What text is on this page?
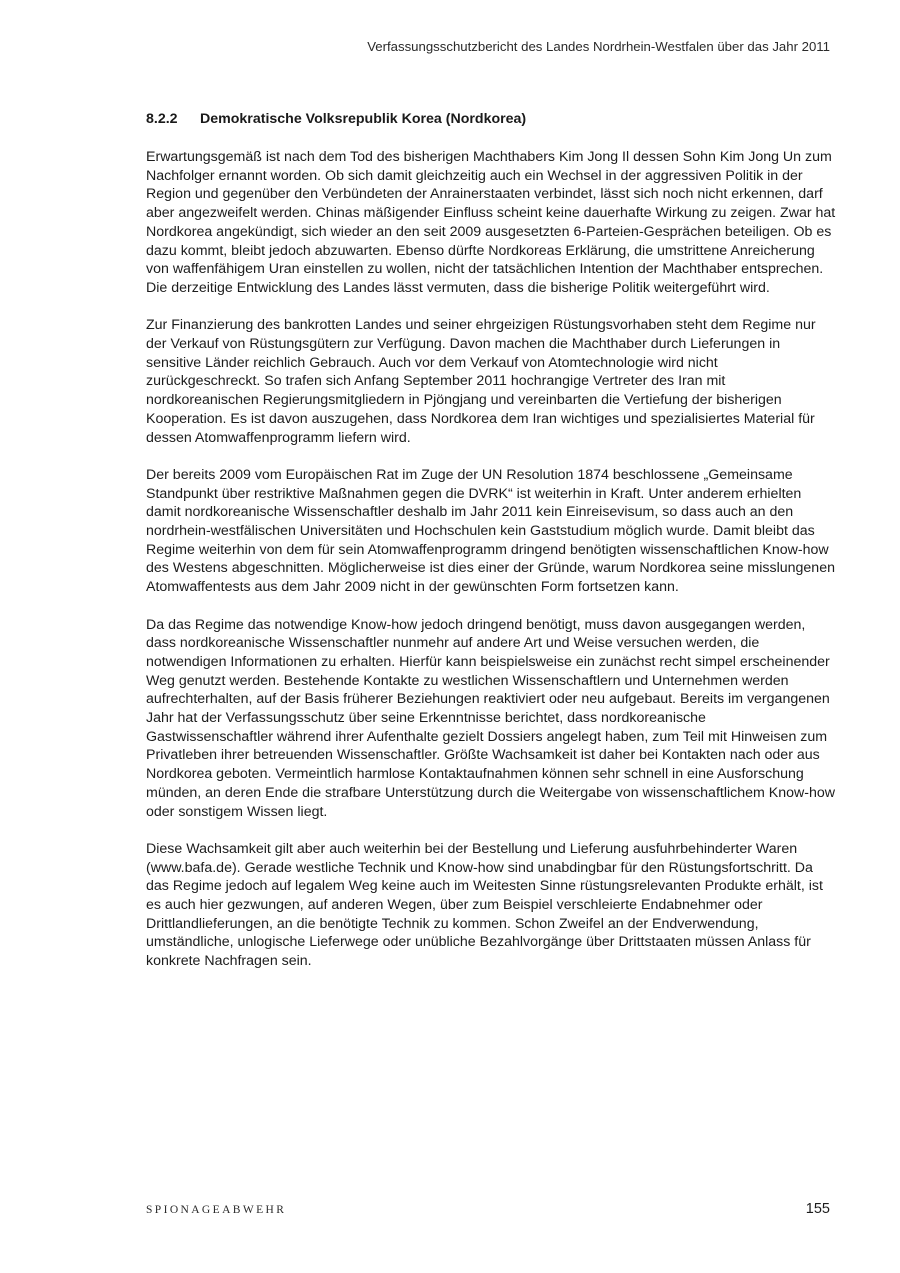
Verfassungsschutzbericht des Landes Nordrhein-Westfalen über das Jahr 2011
8.2.2 Demokratische Volksrepublik Korea (Nordkorea)

Erwartungsgemäß ist nach dem Tod des bisherigen Machthabers Kim Jong Il dessen Sohn Kim Jong Un zum Nachfolger ernannt worden. Ob sich damit gleichzeitig auch ein Wechsel in der aggressiven Politik in der Region und gegenüber den Verbündeten der Anrainerstaaten verbindet, lässt sich noch nicht erkennen, darf aber angezweifelt werden. Chinas mäßigender Einfluss scheint keine dauerhafte Wirkung zu zeigen. Zwar hat Nordkorea angekündigt, sich wieder an den seit 2009 ausgesetzten 6-Parteien-Gesprächen beteiligen. Ob es dazu kommt, bleibt jedoch abzuwarten. Ebenso dürfte Nordkoreas Erklärung, die umstrittene Anreicherung von waffenfähigem Uran einstellen zu wollen, nicht der tatsächlichen Intention der Machthaber entsprechen. Die derzeitige Entwicklung des Landes lässt vermuten, dass die bisherige Politik weitergeführt wird.

Zur Finanzierung des bankrotten Landes und seiner ehrgeizigen Rüstungsvorhaben steht dem Regime nur der Verkauf von Rüstungsgütern zur Verfügung. Davon machen die Machthaber durch Lieferungen in sensitive Länder reichlich Gebrauch. Auch vor dem Verkauf von Atomtechnologie wird nicht zurückgeschreckt. So trafen sich Anfang September 2011 hochrangige Vertreter des Iran mit nordkoreanischen Regierungsmitgliedern in Pjöngjang und vereinbarten die Vertiefung der bisherigen Kooperation. Es ist davon auszugehen, dass Nordkorea dem Iran wichtiges und spezialisiertes Material für dessen Atomwaffenprogramm liefern wird.

Der bereits 2009 vom Europäischen Rat im Zuge der UN Resolution 1874 beschlossene „Gemeinsame Standpunkt über restriktive Maßnahmen gegen die DVRK“ ist weiterhin in Kraft. Unter anderem erhielten damit nordkoreanische Wissenschaftler deshalb im Jahr 2011 kein Einreisevisum, so dass auch an den nordrhein-westfälischen Universitäten und Hochschulen kein Gaststudium möglich wurde. Damit bleibt das Regime weiterhin von dem für sein Atomwaffenprogramm dringend benötigten wissenschaftlichen Know-how des Westens abgeschnitten. Möglicherweise ist dies einer der Gründe, warum Nordkorea seine misslungenen Atomwaffentests aus dem Jahr 2009 nicht in der gewünschten Form fortsetzen kann.

Da das Regime das notwendige Know-how jedoch dringend benötigt, muss davon ausgegangen werden, dass nordkoreanische Wissenschaftler nunmehr auf andere Art und Weise versuchen werden, die notwendigen Informationen zu erhalten. Hierfür kann beispielsweise ein zunächst recht simpel erscheinender Weg genutzt werden. Bestehende Kontakte zu westlichen Wissenschaftlern und Unternehmen werden aufrechterhalten, auf der Basis früherer Beziehungen reaktiviert oder neu aufgebaut. Bereits im vergangenen Jahr hat der Verfassungsschutz über seine Erkenntnisse berichtet, dass nordkoreanische Gastwissenschaftler während ihrer Aufenthalte gezielt Dossiers angelegt haben, zum Teil mit Hinweisen zum Privatleben ihrer betreuenden Wissenschaftler. Größte Wachsamkeit ist daher bei Kontakten nach oder aus Nordkorea geboten. Vermeintlich harmlose Kontaktaufnahmen können sehr schnell in eine Ausforschung münden, an deren Ende die strafbare Unterstützung durch die Weitergabe von wissenschaftlichem Know-how oder sonstigem Wissen liegt.

Diese Wachsamkeit gilt aber auch weiterhin bei der Bestellung und Lieferung ausfuhrbehinderter Waren (www.bafa.de). Gerade westliche Technik und Know-how sind unabdingbar für den Rüstungsfortschritt. Da das Regime jedoch auf legalem Weg keine auch im Weitesten Sinne rüstungsrelevanten Produkte erhält, ist es auch hier gezwungen, auf anderen Wegen, über zum Beispiel verschleierte Endabnehmer oder Drittlandlieferungen, an die benötigte Technik zu kommen. Schon Zweifel an der Endverwendung, umständliche, unlogische Lieferwege oder unübliche Bezahlvorgänge über Drittstaaten müssen Anlass für konkrete Nachfragen sein.

SPIONAGEABWEHR	155
